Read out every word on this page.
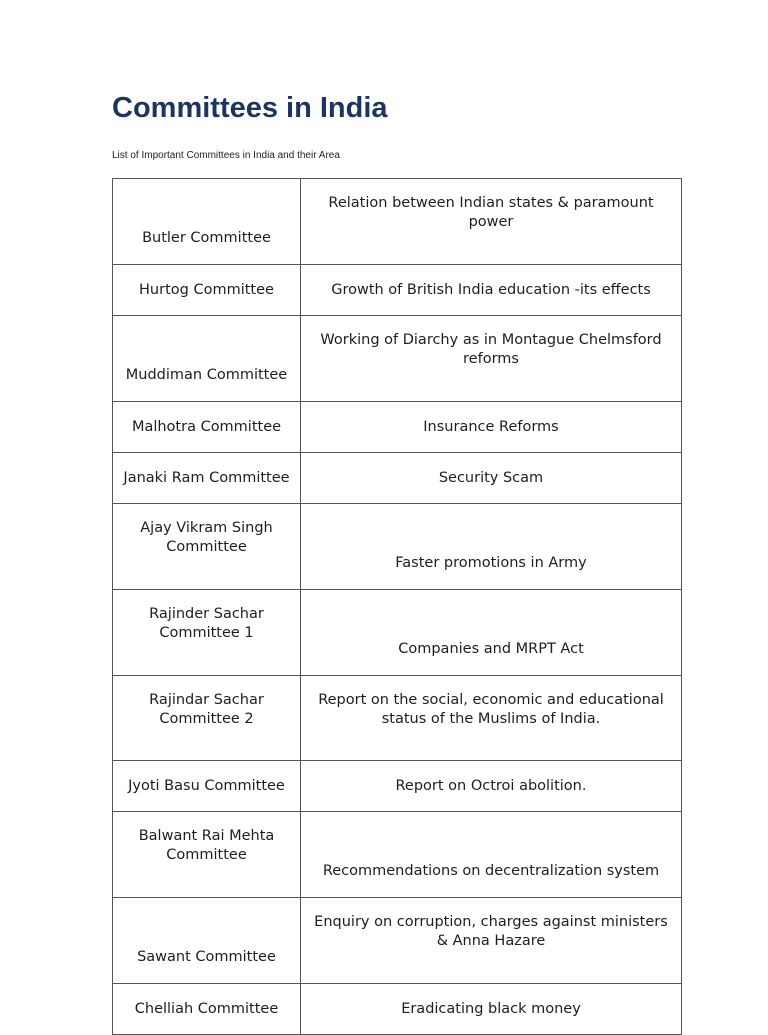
Committees in India

List of Important Committees in India and their Area

Butler Committee	Relation between Indian states & paramount power
Hurtog Committee	Growth of British India education -its effects
Muddiman Committee	Working of Diarchy as in Montague Chelmsford reforms
Malhotra Committee	Insurance Reforms
Janaki Ram Committee	Security Scam
Ajay Vikram Singh Committee	Faster promotions in Army
Rajinder Sachar Committee 1	Companies and MRPT Act
Rajindar Sachar Committee 2	Report on the social, economic and educational status of the Muslims of India.
Jyoti Basu Committee	Report on Octroi abolition.
Balwant Rai Mehta Committee	Recommendations on decentralization system
Sawant Committee	Enquiry on corruption, charges against ministers & Anna Hazare
Chelliah Committee	Eradicating black money
